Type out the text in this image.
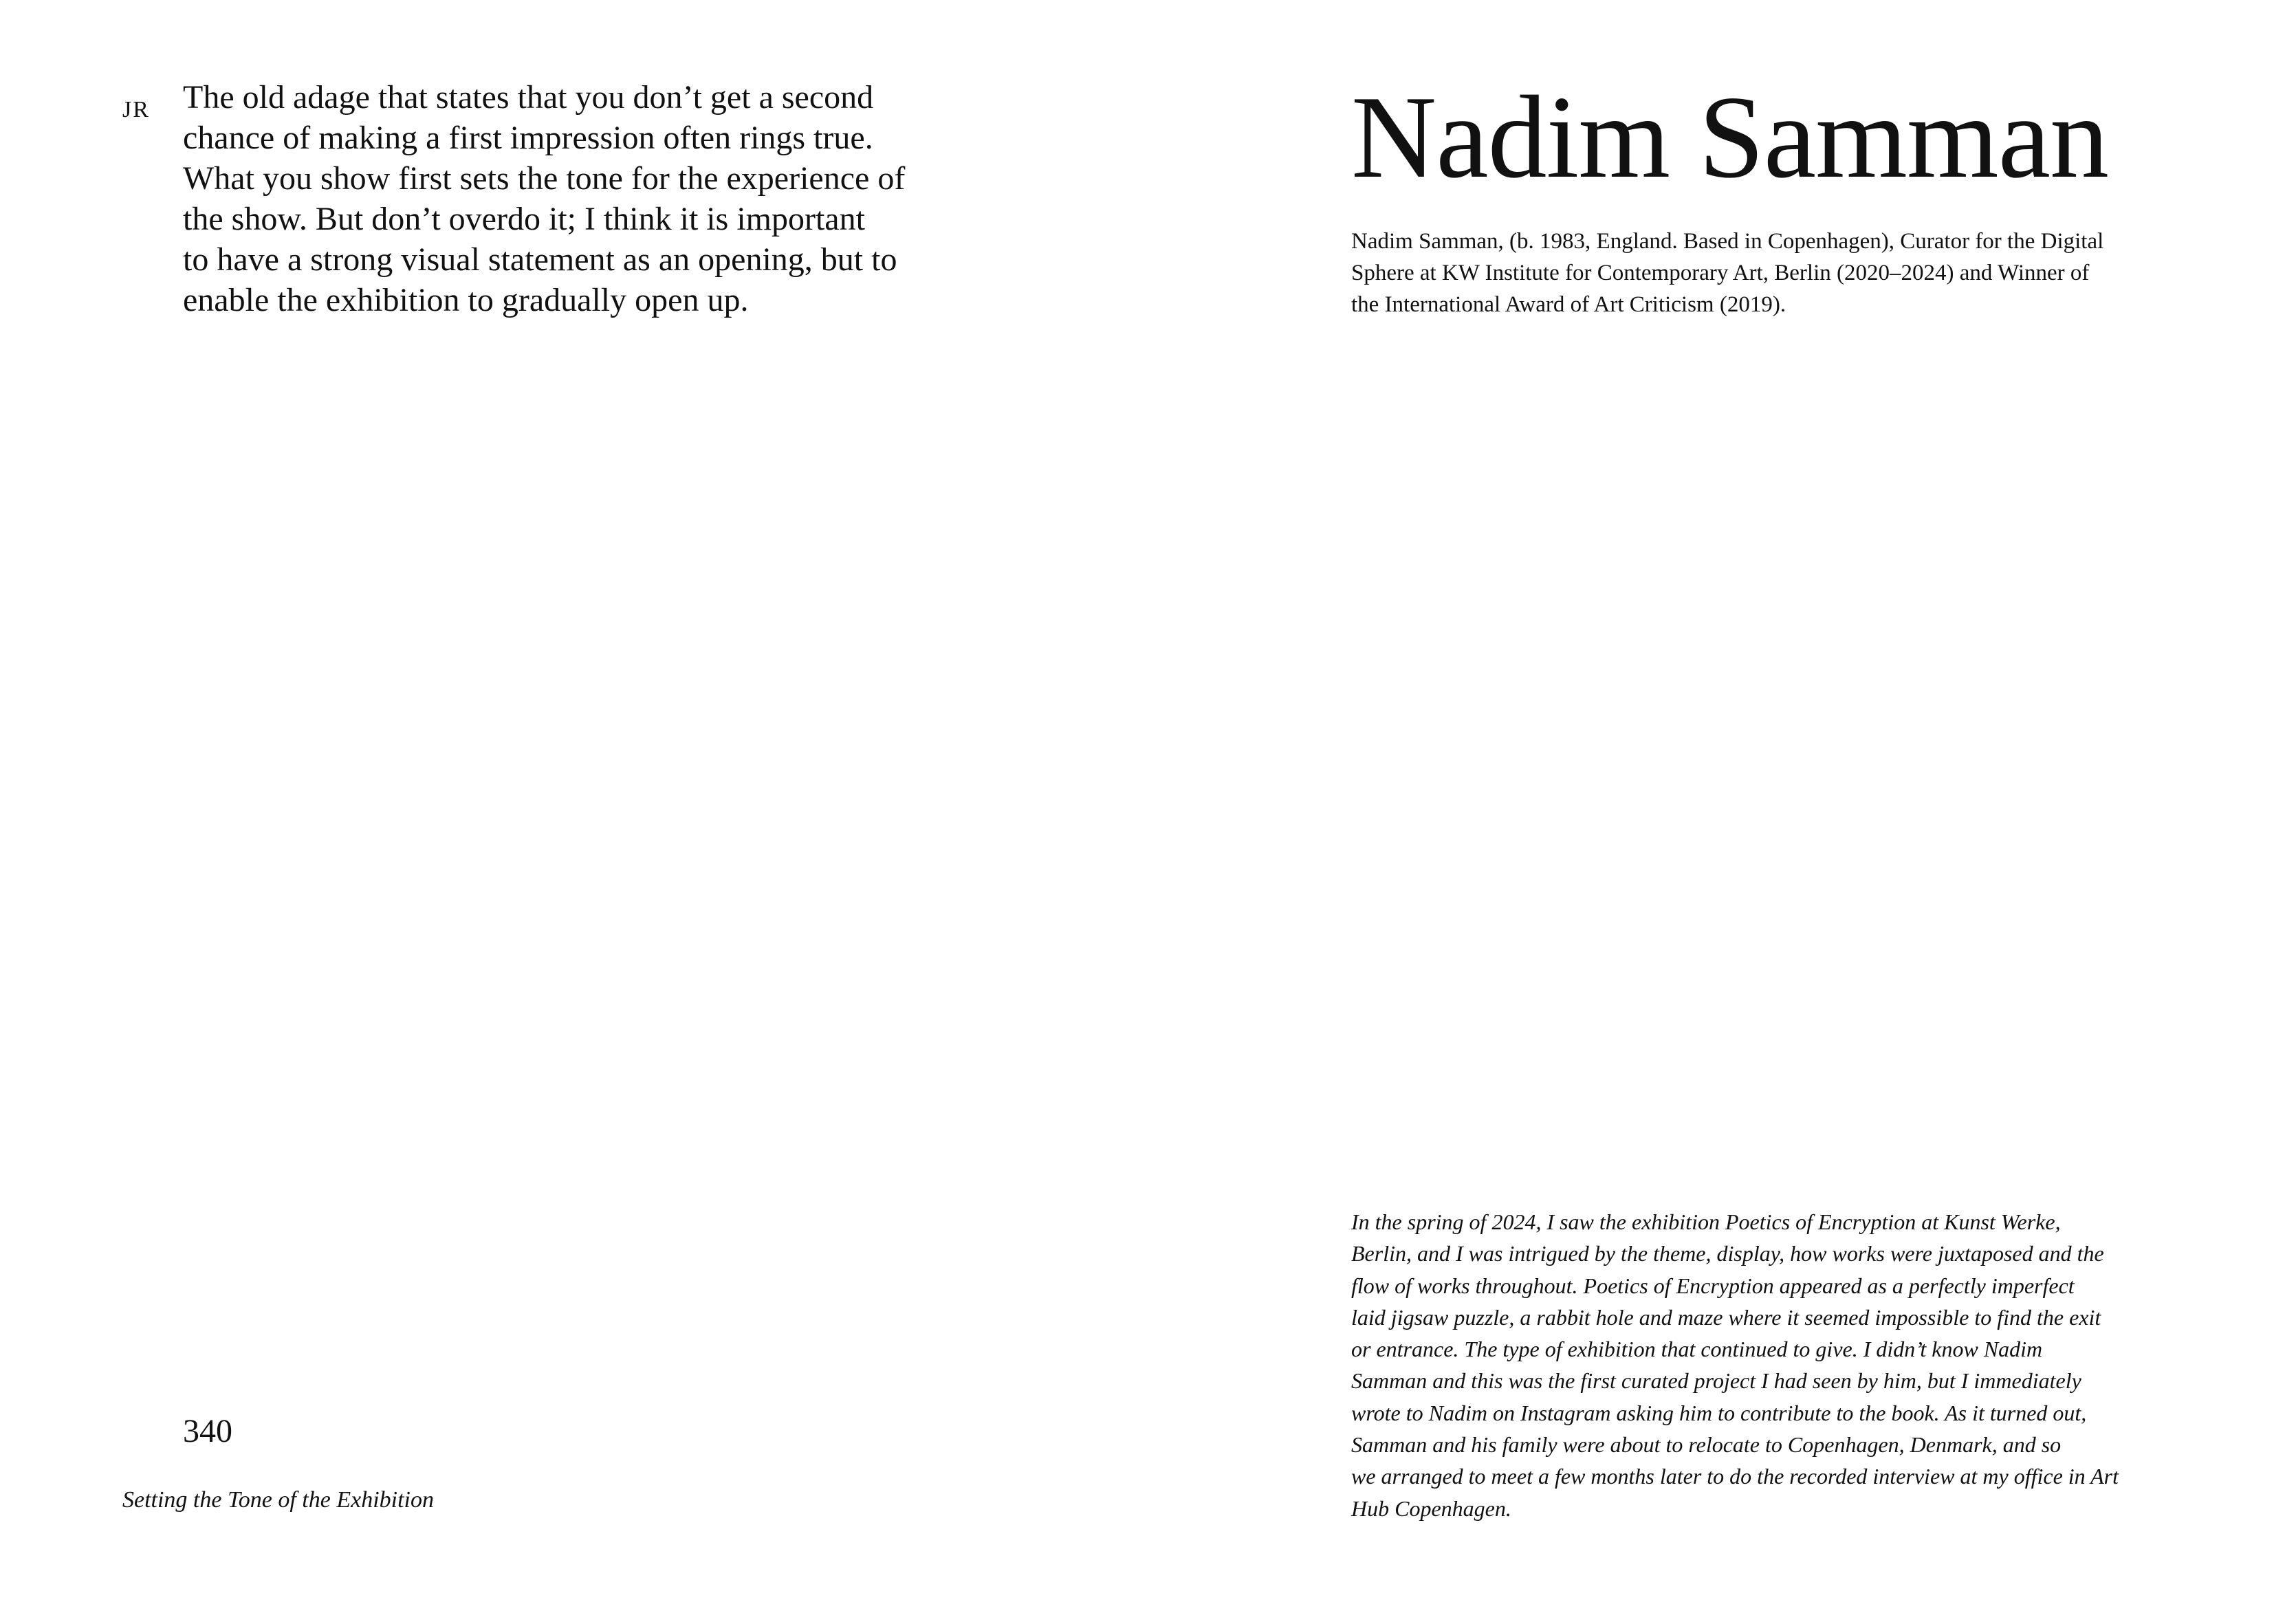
JR The old adage that states that you don’t get a second
chance of making a first impression often rings true.
What you show first sets the tone for the experience of
the show. But don’t overdo it; I think it is important
to have a strong visual statement as an opening, but to
enable the exhibition to gradually open up.

340
Setting the Tone of the Exhibition
Nadim Samman

Nadim Samman, (b. 1983, England. Based in Copenhagen), Curator for the Digital
Sphere at KW Institute for Contemporary Art, Berlin (2020–2024) and Winner of
the International Award of Art Criticism (2019).

In the spring of 2024, I saw the exhibition Poetics of Encryption at Kunst Werke,
Berlin, and I was intrigued by the theme, display, how works were juxtaposed and the
flow of works throughout. Poetics of Encryption appeared as a perfectly imperfect
laid jigsaw puzzle, a rabbit hole and maze where it seemed impossible to find the exit
or entrance. The type of exhibition that continued to give. I didn’t know Nadim
Samman and this was the first curated project I had seen by him, but I immediately
wrote to Nadim on Instagram asking him to contribute to the book. As it turned out,
Samman and his family were about to relocate to Copenhagen, Denmark, and so
we arranged to meet a few months later to do the recorded interview at my office in Art
Hub Copenhagen.
